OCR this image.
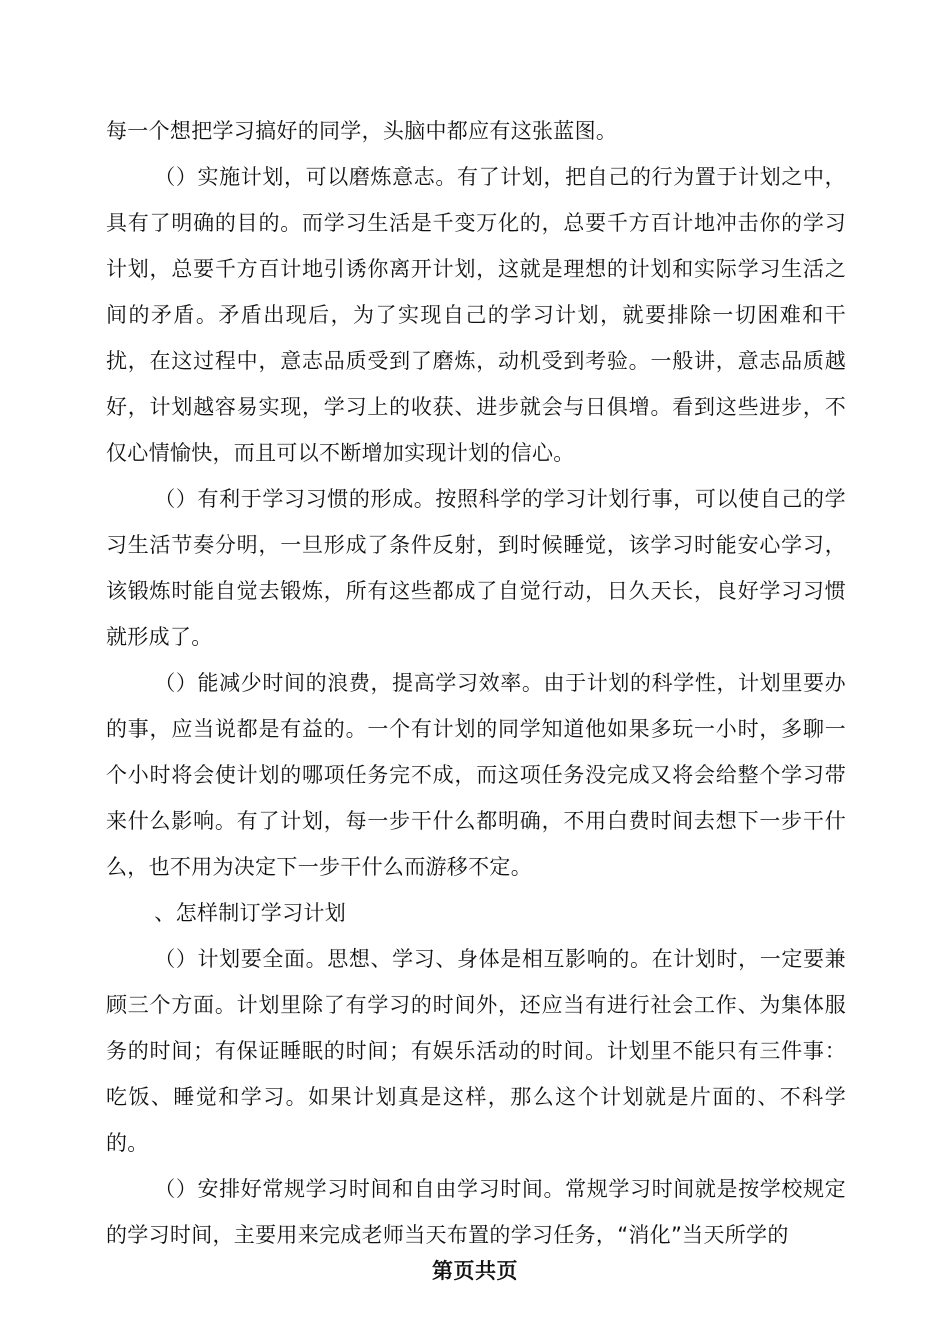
每一个想把学习搞好的同学，头脑中都应有这张蓝图。

（）实施计划，可以磨炼意志。有了计划，把自己的行为置于计划之中，具有了明确的目的。而学习生活是千变万化的，总要千方百计地冲击你的学习计划，总要千方百计地引诱你离开计划，这就是理想的计划和实际学习生活之间的矛盾。矛盾出现后，为了实现自己的学习计划，就要排除一切困难和干扰，在这过程中，意志品质受到了磨炼，动机受到考验。一般讲，意志品质越好，计划越容易实现，学习上的收获、进步就会与日俱增。看到这些进步，不仅心情愉快，而且可以不断增加实现计划的信心。

（）有利于学习习惯的形成。按照科学的学习计划行事，可以使自己的学习生活节奏分明，一旦形成了条件反射，到时候睡觉，该学习时能安心学习，该锻炼时能自觉去锻炼，所有这些都成了自觉行动，日久天长，良好学习习惯就形成了。

（）能减少时间的浪费，提高学习效率。由于计划的科学性，计划里要办的事，应当说都是有益的。一个有计划的同学知道他如果多玩一小时，多聊一个小时将会使计划的哪项任务完不成，而这项任务没完成又将会给整个学习带来什么影响。有了计划，每一步干什么都明确，不用白费时间去想下一步干什么，也不用为决定下一步干什么而游移不定。

、怎样制订学习计划

（）计划要全面。思想、学习、身体是相互影响的。在计划时，一定要兼顾三个方面。计划里除了有学习的时间外，还应当有进行社会工作、为集体服务的时间；有保证睡眠的时间；有娱乐活动的时间。计划里不能只有三件事：吃饭、睡觉和学习。如果计划真是这样，那么这个计划就是片面的、不科学的。

（）安排好常规学习时间和自由学习时间。常规学习时间就是按学校规定的学习时间，主要用来完成老师当天布置的学习任务，“消化”当天所学的

第页共页
